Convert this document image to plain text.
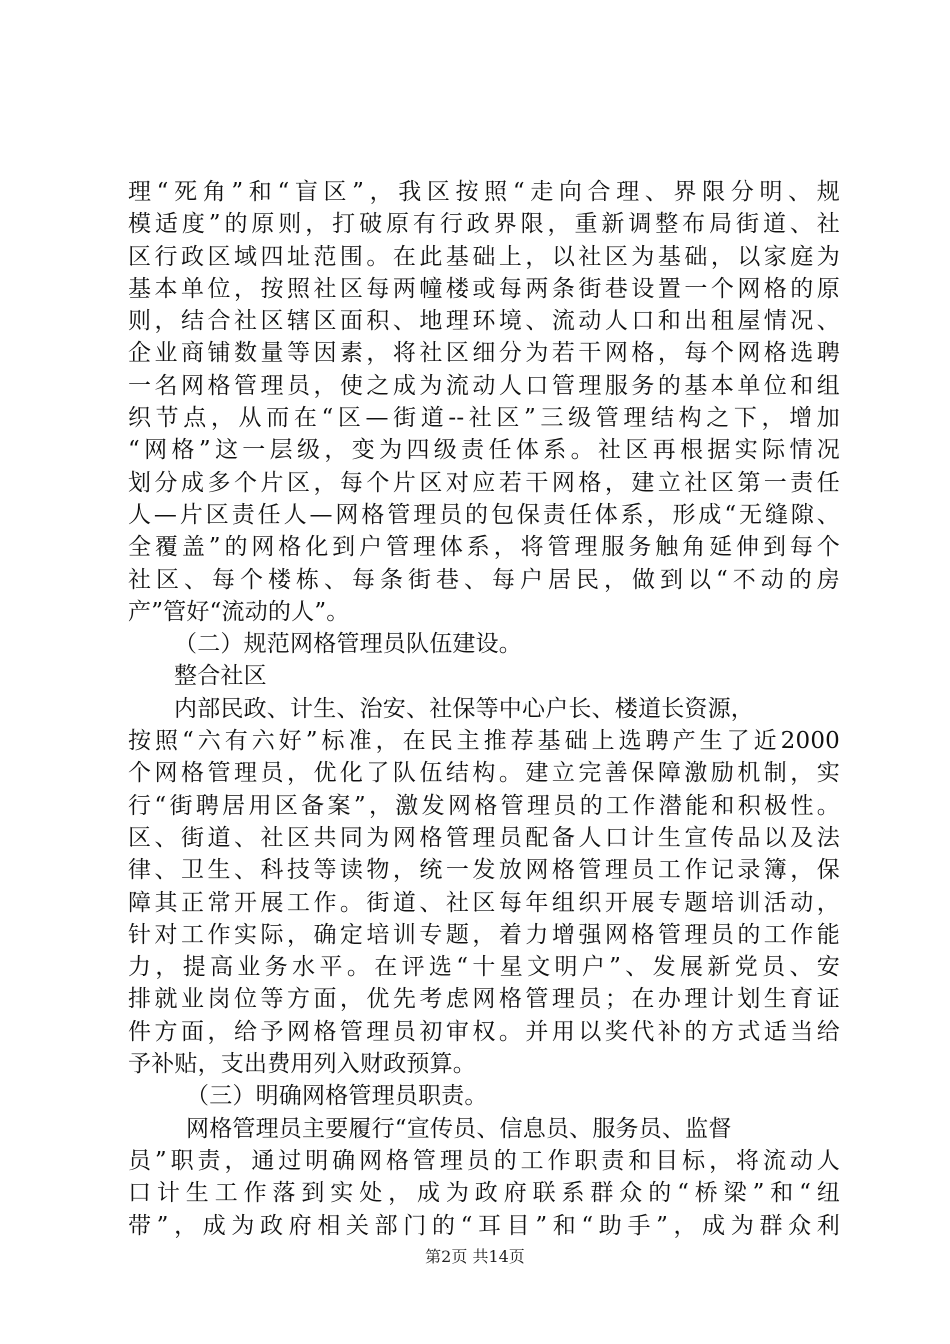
理“死角”和“盲区”，我区按照“走向合理、界限分明、规
模适度”的原则，打破原有行政界限，重新调整布局街道、社
区行政区域四址范围。在此基础上，以社区为基础，以家庭为
基本单位，按照社区每两幢楼或每两条街巷设置一个网格的原
则，结合社区辖区面积、地理环境、流动人口和出租屋情况、
企业商铺数量等因素，将社区细分为若干网格，每个网格选聘
一名网格管理员，使之成为流动人口管理服务的基本单位和组
织节点，从而在“区—街道--社区”三级管理结构之下，增加
“网格”这一层级，变为四级责任体系。社区再根据实际情况
划分成多个片区，每个片区对应若干网格，建立社区第一责任
人—片区责任人—网格管理员的包保责任体系，形成“无缝隙、
全覆盖”的网格化到户管理体系，将管理服务触角延伸到每个
社区、每个楼栋、每条街巷、每户居民，做到以“不动的房
产”管好“流动的人”。
（二）规范网格管理员队伍建设。
整合社区
内部民政、计生、治安、社保等中心户长、楼道长资源，
按照“六有六好”标准，在民主推荐基础上选聘产生了近2000
个网格管理员，优化了队伍结构。建立完善保障激励机制，实
行“街聘居用区备案”，激发网格管理员的工作潜能和积极性。
区、街道、社区共同为网格管理员配备人口计生宣传品以及法
律、卫生、科技等读物，统一发放网格管理员工作记录簿，保
障其正常开展工作。街道、社区每年组织开展专题培训活动，
针对工作实际，确定培训专题，着力增强网格管理员的工作能
力，提高业务水平。在评选“十星文明户”、发展新党员、安
排就业岗位等方面，优先考虑网格管理员；在办理计划生育证
件方面，给予网格管理员初审权。并用以奖代补的方式适当给
予补贴，支出费用列入财政预算。
（三）明确网格管理员职责。
网格管理员主要履行“宣传员、信息员、服务员、监督
员”职责，通过明确网格管理员的工作职责和目标，将流动人
口计生工作落到实处，成为政府联系群众的“桥梁”和“纽
带”，成为政府相关部门的“耳目”和“助手”，成为群众利
第2页 共14页
